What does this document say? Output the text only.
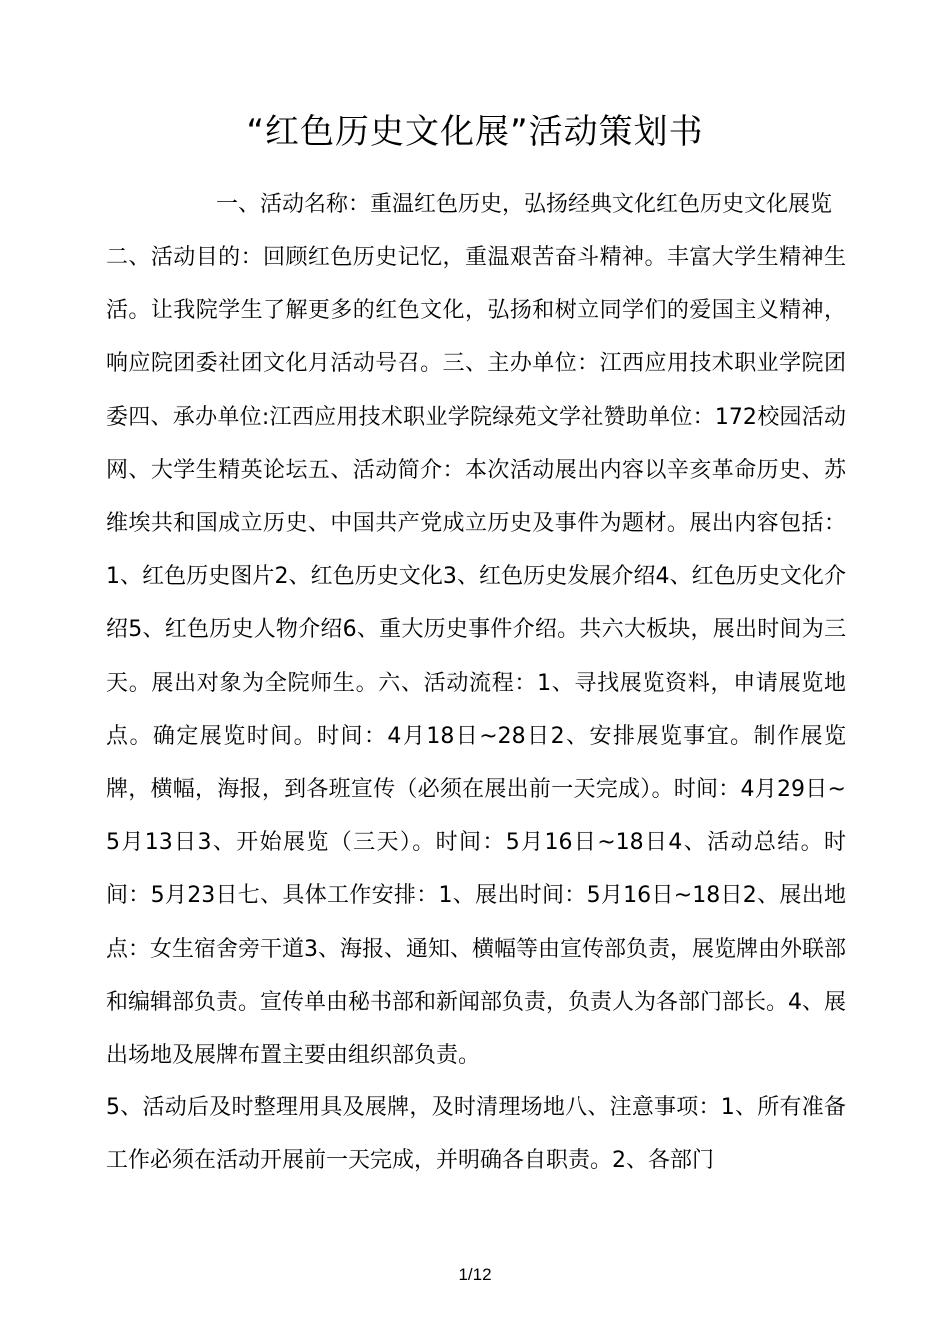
“红色历史文化展”活动策划书

一、活动名称：重温红色历史，弘扬经典文化红色历史文化展览

二、活动目的：回顾红色历史记忆，重温艰苦奋斗精神。丰富大学生精神生活。让我院学生了解更多的红色文化，弘扬和树立同学们的爱国主义精神，响应院团委社团文化月活动号召。三、主办单位：江西应用技术职业学院团委四、承办单位:江西应用技术职业学院绿苑文学社赞助单位：172校园活动网、大学生精英论坛五、活动简介：本次活动展出内容以辛亥革命历史、苏维埃共和国成立历史、中国共产党成立历史及事件为题材。展出内容包括：1、红色历史图片2、红色历史文化3、红色历史发展介绍4、红色历史文化介绍5、红色历史人物介绍6、重大历史事件介绍。共六大板块，展出时间为三天。展出对象为全院师生。六、活动流程：1、寻找展览资料，申请展览地点。确定展览时间。时间：4月18日~28日2、安排展览事宜。制作展览牌，横幅，海报，到各班宣传（必须在展出前一天完成）。时间：4月29日~5月13日3、开始展览（三天）。时间：5月16日~18日4、活动总结。时间：5月23日七、具体工作安排：1、展出时间：5月16日~18日2、展出地点：女生宿舍旁干道3、海报、通知、横幅等由宣传部负责，展览牌由外联部和编辑部负责。宣传单由秘书部和新闻部负责，负责人为各部门部长。4、展出场地及展牌布置主要由组织部负责。

5、活动后及时整理用具及展牌，及时清理场地八、注意事项：1、所有准备工作必须在活动开展前一天完成，并明确各自职责。2、各部门

1/12
